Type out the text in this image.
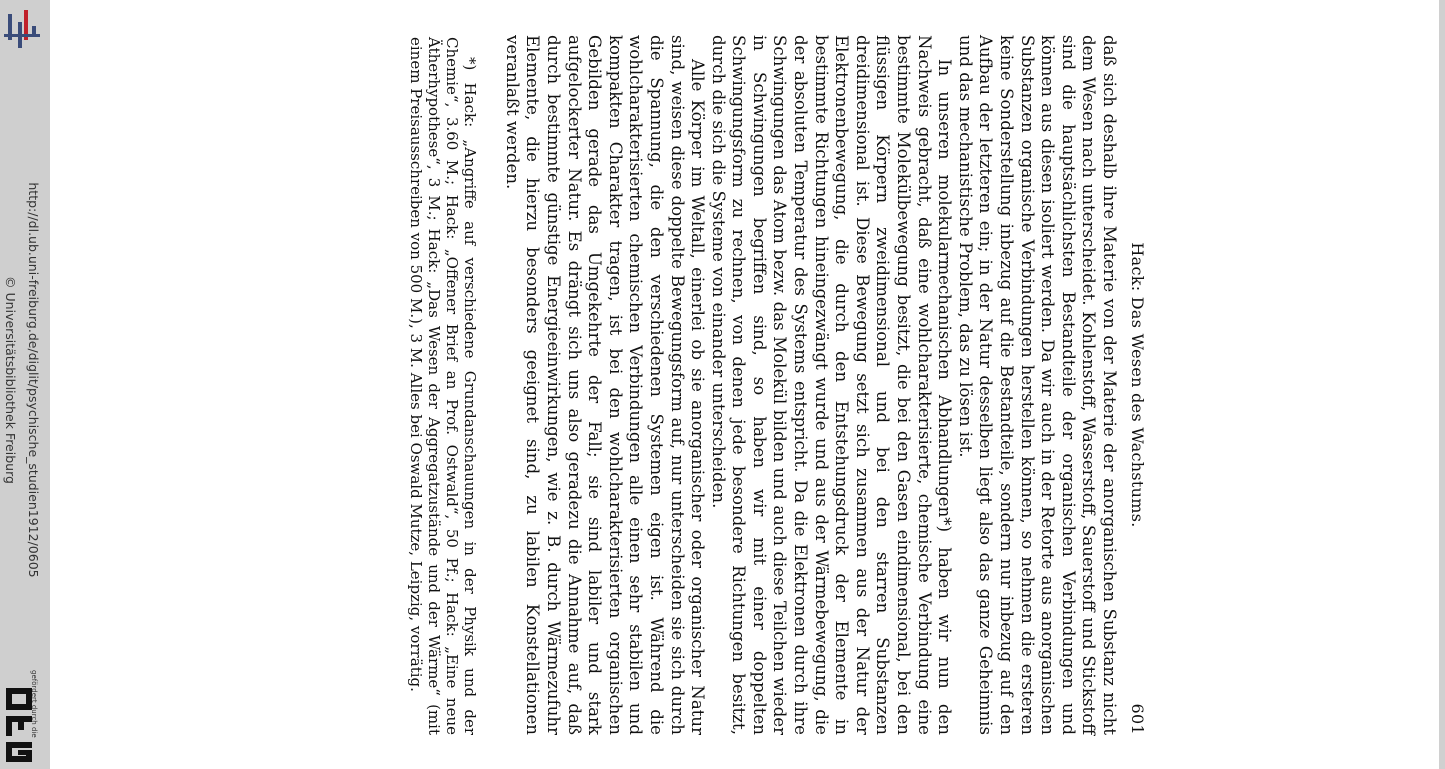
http://dl.ub.uni-freiburg.de/diglit/psychische_studien1912/0605
© Universitätsbibliothek Freiburg
gefördert durch die
Hack: Das Wesen des Wachstums.
601

daß sich deshalb ihre Materie von der Materie der anorganischen Substanz nicht dem Wesen nach unterscheidet. Kohlenstoff, Wasserstoff, Sauerstoff und Stickstoff sind die hauptsächlichsten Bestandteile der organischen Verbindungen und können aus diesen isoliert werden. Da wir auch in der Retorte aus anorganischen Substanzen organische Verbindungen herstellen können, so nehmen die ersteren keine Sonderstellung inbezug auf die Bestandteile, sondern nur inbezug auf den Aufbau der letzteren ein; in der Natur desselben liegt also das ganze Geheimnis und das mechanistische Problem, das zu lösen ist.

In unseren molekularmechanischen Abhandlungen*) haben wir nun den Nachweis gebracht, daß eine wohlcharakterisierte, chemische Verbindung eine bestimmte Molekülbewegung besitzt, die bei den Gasen eindimensional, bei den flüssigen Körpern zweidimensional und bei den starren Substanzen dreidimensional ist. Diese Bewegung setzt sich zusammen aus der Natur der Elektronenbewegung, die durch den Entstehungsdruck der Elemente in bestimmte Richtungen hineingezwängt wurde und aus der Wärmebewegung, die der absoluten Temperatur des Systems entspricht. Da die Elektronen durch ihre Schwingungen das Atom bezw. das Molekül bilden und auch diese Teilchen wieder in Schwingungen begriffen sind, so haben wir mit einer doppelten Schwingungsform zu rechnen, von denen jede besondere Richtungen besitzt, durch die sich die Systeme von einander unterscheiden.

Alle Körper im Weltall, einerlei ob sie anorganischer oder organischer Natur sind, weisen diese doppelte Bewegungsform auf, nur unterscheiden sie sich durch die Spannung, die den verschiedenen Systemen eigen ist. Während die wohlcharakterisierten chemischen Verbindungen alle einen sehr stabilen und kompakten Charakter tragen, ist bei den wohlcharakterisierten organischen Gebilden gerade das Umgekehrte der Fall; sie sind labiler und stark aufgelockerter Natur. Es drängt sich uns also geradezu die Annahme auf, daß durch bestimmte günstige Energieeinwirkungen, wie z. B. durch Wärmezufuhr Elemente, die hierzu besonders geeignet sind, zu labilen Konstellationen veranlaßt werden.

*) Hack: „Angriffe auf verschiedene Grundanschauungen in der Physik und der Chemie“, 3.60 M.; Hack: „Offener Brief an Prof. Ostwald“, 50 Pf.; Hack: „Eine neue Ätherhypothese“, 3 M.; Hack: „Das Wesen der Aggregatzustände und der Wärme“ (mit einem Preisausschreiben von 500 M.), 3 M. Alles bei Oswald Mutze, Leipzig, vorrätig.
